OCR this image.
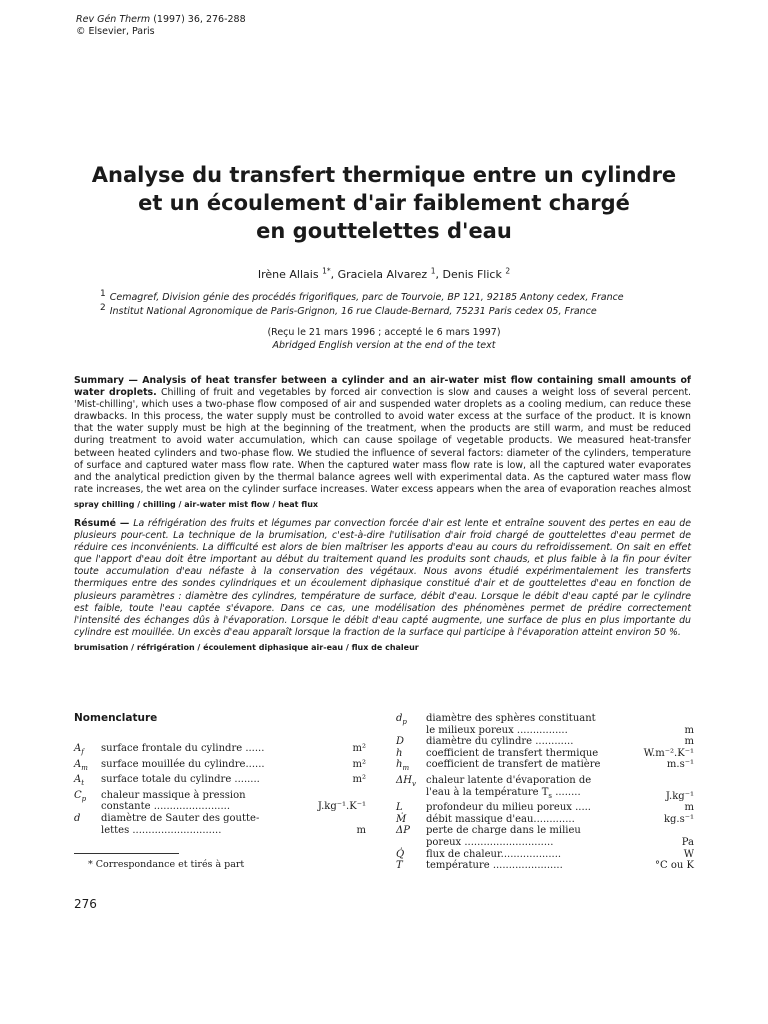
Rev Gén Therm (1997) 36, 276-288
© Elsevier, Paris
Analyse du transfert thermique entre un cylindre
et un écoulement d'air faiblement chargé
en gouttelettes d'eau
Irène Allais $^{1*}$, Graciela Alvarez $^1$, Denis Flick $^2$
1 Cemagref, Division génie des procédés frigorifiques, parc de Tourvoie, BP 121, 92185 Antony cedex, France
2 Institut National Agronomique de Paris-Grignon, 16 rue Claude-Bernard, 75231 Paris cedex 05, France
(Reçu le 21 mars 1996 ; accepté le 6 mars 1997)
Abridged English version at the end of the text
Summary — Analysis of heat transfer between a cylinder and an air-water mist flow containing small amounts of water droplets. Chilling of fruit and vegetables by forced air convection is slow and causes a weight loss of several percent. 'Mist-chilling', which uses a two-phase flow composed of air and suspended water droplets as a cooling medium, can reduce these drawbacks. In this process, the water supply must be controlled to avoid water excess at the surface of the product. It is known that the water supply must be high at the beginning of the treatment, when the products are still warm, and must be reduced during treatment to avoid water accumulation, which can cause spoilage of vegetable products. We measured heat-transfer between heated cylinders and two-phase flow. We studied the influence of several factors: diameter of the cylinders, temperature of surface and captured water mass flow rate. When the captured water mass flow rate is low, all the captured water evaporates and the analytical prediction given by the thermal balance agrees well with experimental data. As the captured water mass flow rate increases, the wet area on the cylinder surface increases. Water excess appears when the area of evaporation reaches almost
spray chilling / chilling / air-water mist flow / heat flux
Résumé — La réfrigération des fruits et légumes par convection forcée d'air est lente et entraîne souvent des pertes en eau de plusieurs pour-cent. La technique de la brumisation, c'est-à-dire l'utilisation d'air froid chargé de gouttelettes d'eau permet de réduire ces inconvénients. La difficulté est alors de bien maîtriser les apports d'eau au cours du refroidissement. On sait en effet que l'apport d'eau doit être important au début du traitement quand les produits sont chauds, et plus faible à la fin pour éviter toute accumulation d'eau néfaste à la conservation des végétaux. Nous avons étudié expérimentalement les transferts thermiques entre des sondes cylindriques et un écoulement diphasique constitué d'air et de gouttelettes d'eau en fonction de plusieurs paramètres : diamètre des cylindres, température de surface, débit d'eau. Lorsque le débit d'eau capté par le cylindre est faible, toute l'eau captée s'évapore. Dans ce cas, une modélisation des phénomènes permet de prédire correctement l'intensité des échanges dûs à l'évaporation. Lorsque le débit d'eau capté augmente, une surface de plus en plus importante du cylindre est mouillée. Un excès d'eau apparaît lorsque la fraction de la surface qui participe à l'évaporation atteint environ 50 %.
brumisation / réfrigération / écoulement diphasique air-eau / flux de chaleur
Nomenclature
$A_f$	surface frontale du cylindre ......	m²
$A_m$	surface mouillée du cylindre......	m²
$A_t$	surface totale du cylindre ........	m²
$C_p$	chaleur massique à pression
constante ........................	J.kg⁻¹.K⁻¹
d	diamètre de Sauter des goutte-
lettes ............................	m
$d_p$	diamètre des sphères constituant
le milieux poreux ................	m
D	diamètre du cylindre ............	m
h	coefficient de transfert thermique	W.m⁻².K⁻¹
$h_m$	coefficient de transfert de matière	m.s⁻¹
$\Delta H_v$	chaleur latente d'évaporation de
l'eau à la température $T_s$ ........	J.kg⁻¹
L	profondeur du milieu poreux .....	m
Ṁ	débit massique d'eau.............	kg.s⁻¹
ΔP	perte de charge dans le milieu
poreux ............................	Pa
Q̇	flux de chaleur...................	W
T	température ......................	°C ou K
* Correspondance et tirés à part
276
